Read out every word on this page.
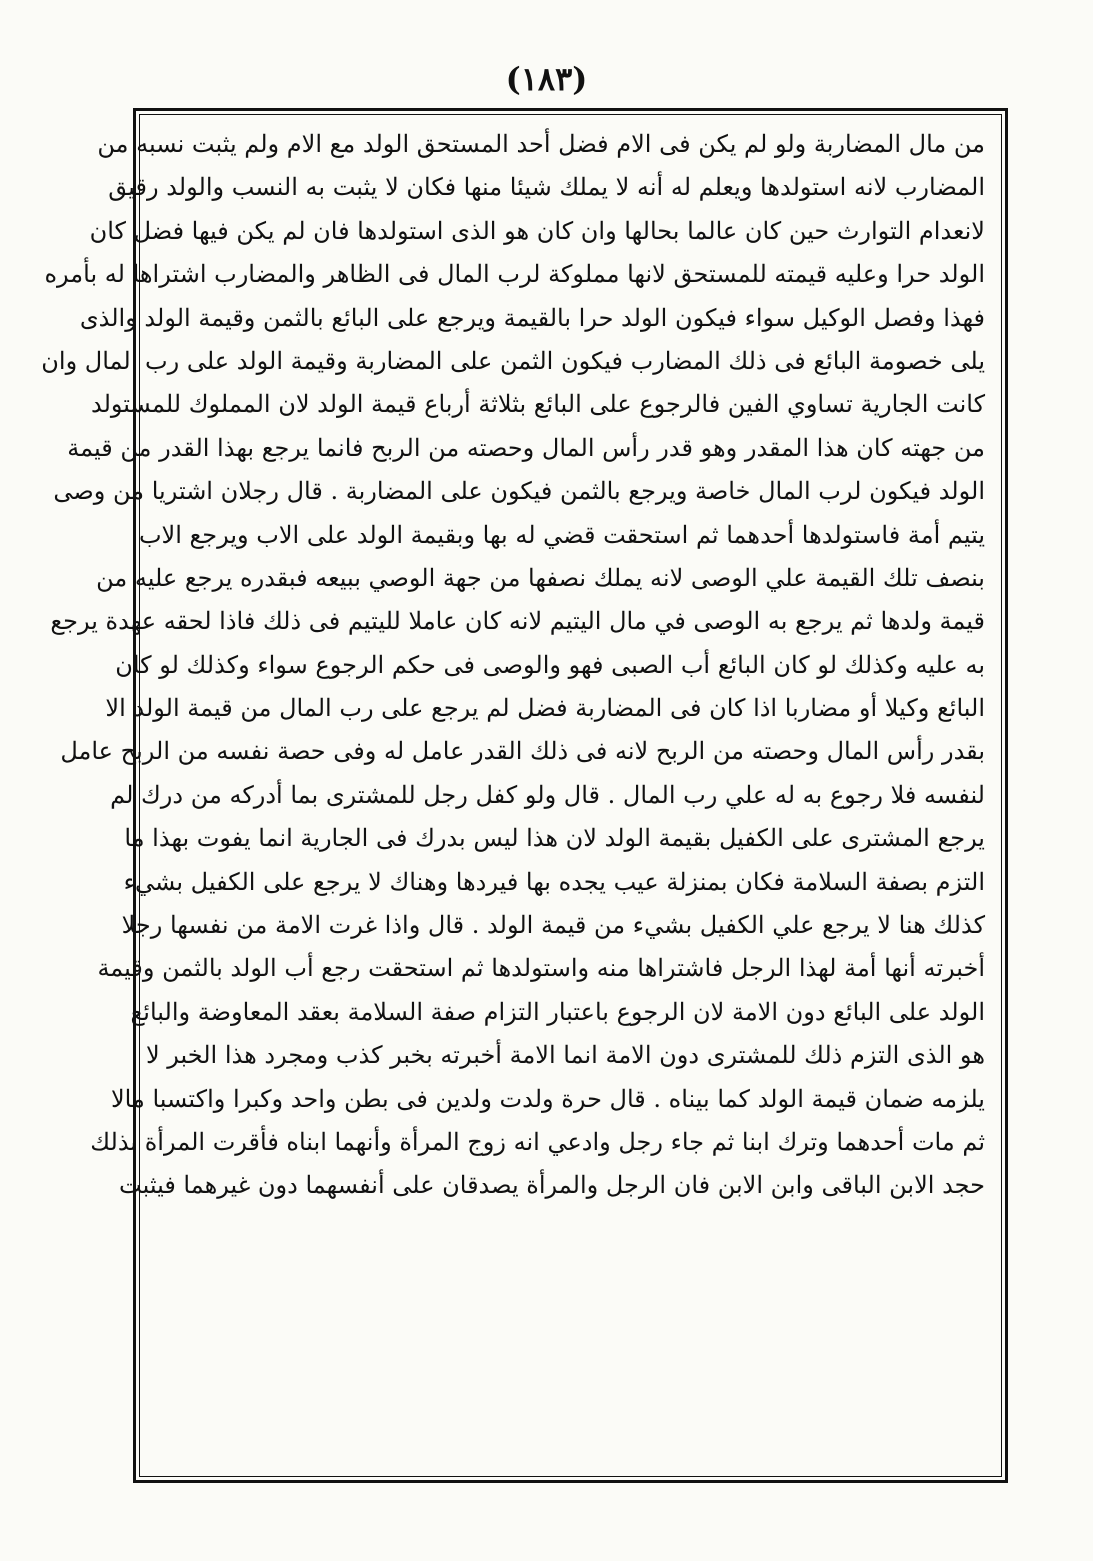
(١٨٣)
من مال المضاربة ولو لم يكن فى الام فضل أحد المستحق الولد مع الام ولم يثبت نسبه من
المضارب لانه استولدها ويعلم له أنه لا يملك شيئا منها فكان لا يثبت به النسب والولد رقيق
لانعدام التوارث حين كان عالما بحالها وان كان هو الذى استولدها فان لم يكن فيها فضل كان
الولد حرا وعليه قيمته للمستحق لانها مملوكة لرب المال فى الظاهر والمضارب اشتراها له بأمره
فهذا وفصل الوكيل سواء فيكون الولد حرا بالقيمة ويرجع على البائع بالثمن وقيمة الولد والذى
يلى خصومة البائع فى ذلك المضارب فيكون الثمن على المضاربة وقيمة الولد على رب المال وان
كانت الجارية تساوي الفين فالرجوع على البائع بثلاثة أرباع قيمة الولد لان المملوك للمستولد
من جهته كان هذا المقدر وهو قدر رأس المال وحصته من الربح فانما يرجع بهذا القدر من قيمة
الولد فيكون لرب المال خاصة ويرجع بالثمن فيكون على المضاربة . قال رجلان اشتريا من وصى
يتيم أمة فاستولدها أحدهما ثم استحقت قضي له بها وبقيمة الولد على الاب ويرجع الاب
بنصف تلك القيمة علي الوصى لانه يملك نصفها من جهة الوصي ببيعه فبقدره يرجع عليه من
قيمة ولدها ثم يرجع به الوصى في مال اليتيم لانه كان عاملا لليتيم فى ذلك فاذا لحقه عهدة يرجع
به عليه وكذلك لو كان البائع أب الصبى فهو والوصى فى حكم الرجوع سواء وكذلك لو كان
البائع وكيلا أو مضاربا اذا كان فى المضاربة فضل لم يرجع على رب المال من قيمة الولد الا
بقدر رأس المال وحصته من الربح لانه فى ذلك القدر عامل له وفى حصة نفسه من الربح عامل
لنفسه فلا رجوع به له علي رب المال . قال ولو كفل رجل للمشترى بما أدركه من درك لم
يرجع المشترى على الكفيل بقيمة الولد لان هذا ليس بدرك فى الجارية انما يفوت بهذا ما
التزم بصفة السلامة فكان بمنزلة عيب يجده بها فيردها وهناك لا يرجع على الكفيل بشيء
كذلك هنا لا يرجع علي الكفيل بشيء من قيمة الولد . قال واذا غرت الامة من نفسها رجلا
أخبرته أنها أمة لهذا الرجل فاشتراها منه واستولدها ثم استحقت رجع أب الولد بالثمن وقيمة
الولد على البائع دون الامة لان الرجوع باعتبار التزام صفة السلامة بعقد المعاوضة والبائع
هو الذى التزم ذلك للمشترى دون الامة انما الامة أخبرته بخبر كذب ومجرد هذا الخبر لا
يلزمه ضمان قيمة الولد كما بيناه . قال حرة ولدت ولدين فى بطن واحد وكبرا واكتسبا مالا
ثم مات أحدهما وترك ابنا ثم جاء رجل وادعي انه زوج المرأة وأنهما ابناه فأقرت المرأة بذلك
حجد الابن الباقى وابن الابن فان الرجل والمرأة يصدقان على أنفسهما دون غيرهما فيثبت
